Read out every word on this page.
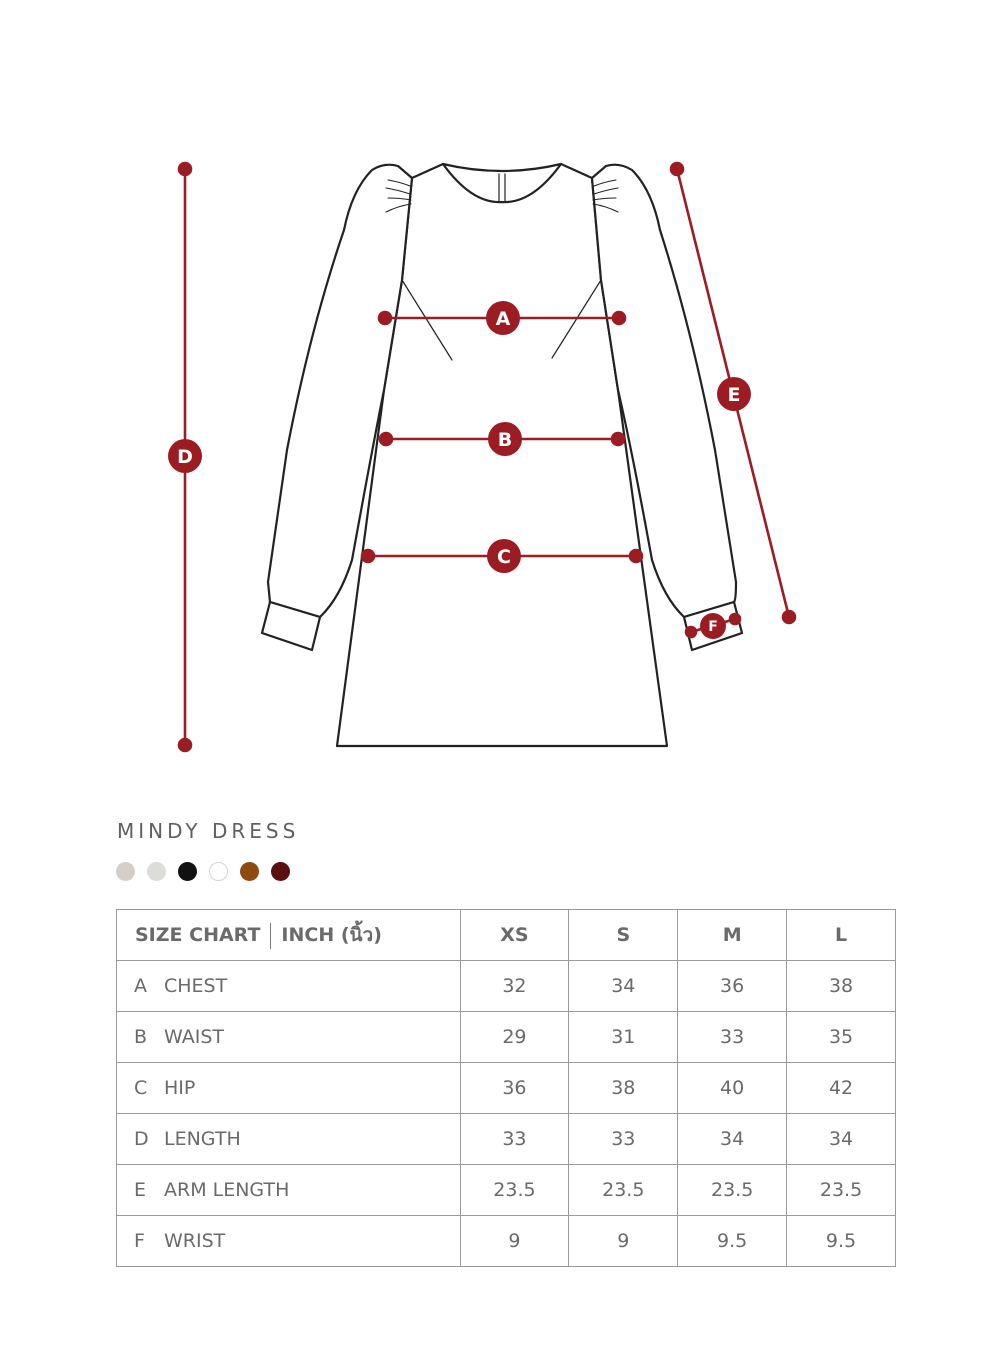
A
B
C
D
E
F
MINDY DRESS
SIZE CHART INCH (นิ้ว)	XS	S	M	L
A CHEST	32	34	36	38
B WAIST	29	31	33	35
C HIP	36	38	40	42
D LENGTH	33	33	34	34
E ARM LENGTH	23.5	23.5	23.5	23.5
F WRIST	9	9	9.5	9.5
